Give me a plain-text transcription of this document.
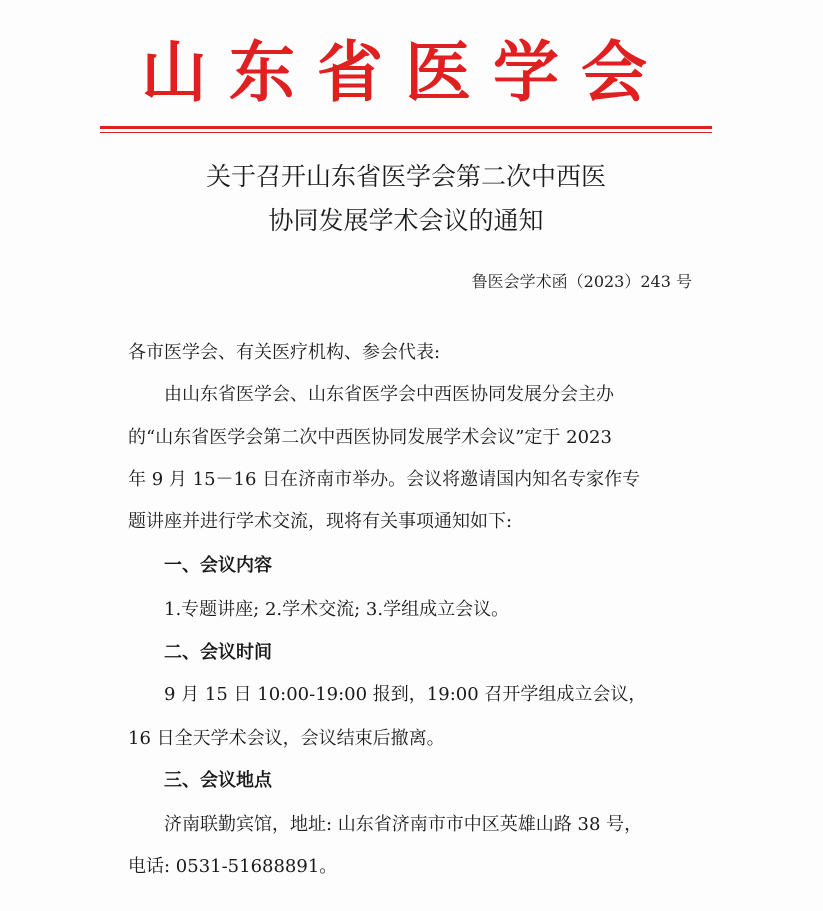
山东省医学会
关于召开山东省医学会第二次中西医
协同发展学术会议的通知
鲁医会学术函（2023）243 号
各市医学会、有关医疗机构、参会代表:
由山东省医学会、山东省医学会中西医协同发展分会主办
的“山东省医学会第二次中西医协同发展学术会议”定于 2023
年 9 月 15－16 日在济南市举办。会议将邀请国内知名专家作专
题讲座并进行学术交流，现将有关事项通知如下:
一、会议内容
1.专题讲座; 2.学术交流; 3.学组成立会议。
二、会议时间
9 月 15 日 10:00-19:00 报到，19:00 召开学组成立会议，
16 日全天学术会议，会议结束后撤离。
三、会议地点
济南联勤宾馆，地址: 山东省济南市市中区英雄山路 38 号，
电话: 0531-51688891。
